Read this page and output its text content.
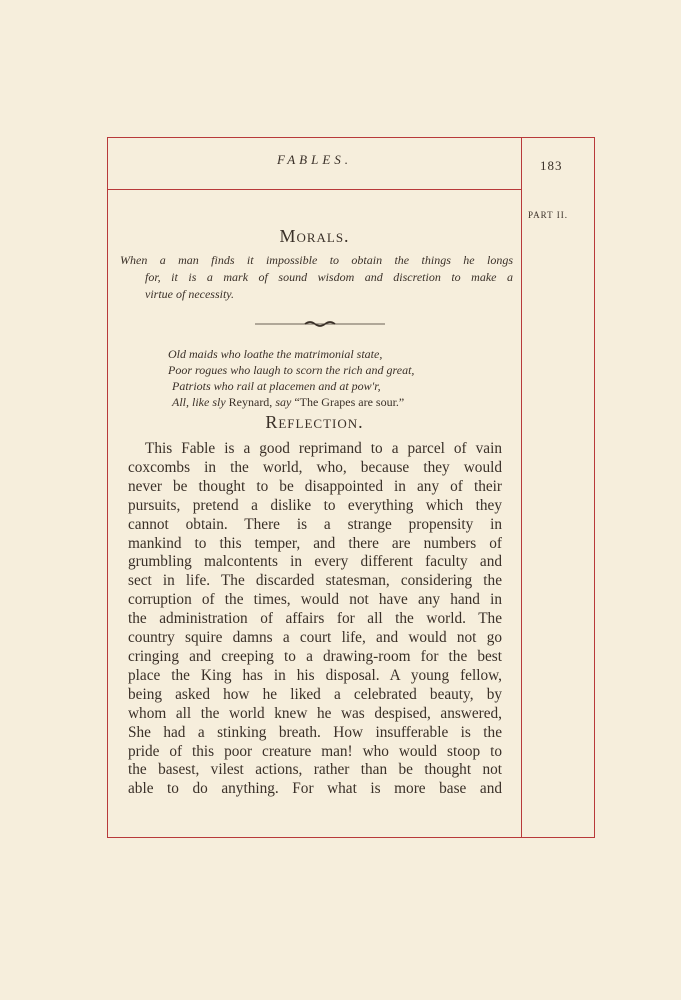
FABLES.	183
PART II.
Morals.
When a man finds it impossible to obtain the things he longs
for, it is a mark of sound wisdom and discretion to make a
virtue of necessity.
Old maids who loathe the matrimonial state,
Poor rogues who laugh to scorn the rich and great,
Patriots who rail at placemen and at pow'r,
All, like sly Reynard, say “The Grapes are sour.”
Reflection.
This Fable is a good reprimand to a parcel of vain
coxcombs in the world, who, because they would
never be thought to be disappointed in any of their
pursuits, pretend a dislike to everything which they
cannot obtain. There is a strange propensity in
mankind to this temper, and there are numbers of
grumbling malcontents in every different faculty and
sect in life. The discarded statesman, considering the
corruption of the times, would not have any hand in
the administration of affairs for all the world. The
country squire damns a court life, and would not go
cringing and creeping to a drawing-room for the best
place the King has in his disposal. A young fellow,
being asked how he liked a celebrated beauty, by
whom all the world knew he was despised, answered,
She had a stinking breath. How insufferable is the
pride of this poor creature man! who would stoop to
the basest, vilest actions, rather than be thought not
able to do anything. For what is more base and
